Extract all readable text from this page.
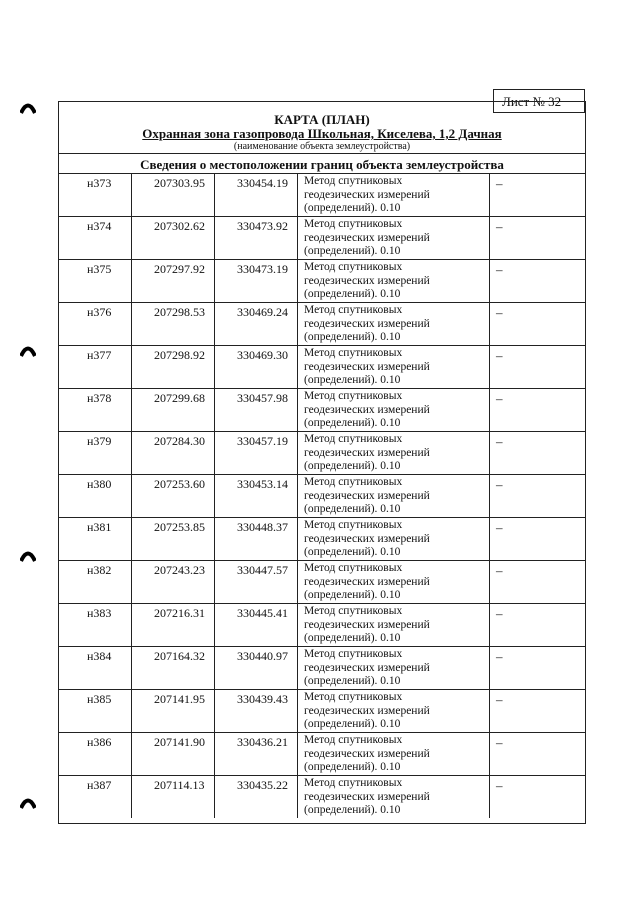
Лист № 32
КАРТА (ПЛАН)
Охранная зона газопровода Школьная, Киселева, 1,2 Дачная
(наименование объекта землеустройства)
Сведения о местоположении границ объекта землеустройства
н373	207303.95	330454.19 Метод спутниковых
геодезических измерений
(определений). 0.10
–
н374	207302.62	330473.92 Метод спутниковых
геодезических измерений
(определений). 0.10
–
н375	207297.92	330473.19 Метод спутниковых
геодезических измерений
(определений). 0.10
–
н376	207298.53	330469.24 Метод спутниковых
геодезических измерений
(определений). 0.10
–
н377	207298.92	330469.30 Метод спутниковых
геодезических измерений
(определений). 0.10
–
н378	207299.68	330457.98 Метод спутниковых
геодезических измерений
(определений). 0.10
–
н379	207284.30	330457.19 Метод спутниковых
геодезических измерений
(определений). 0.10
–
н380	207253.60	330453.14 Метод спутниковых
геодезических измерений
(определений). 0.10
–
н381	207253.85	330448.37 Метод спутниковых
геодезических измерений
(определений). 0.10
–
н382	207243.23	330447.57 Метод спутниковых
геодезических измерений
(определений). 0.10
–
н383	207216.31	330445.41 Метод спутниковых
геодезических измерений
(определений). 0.10
–
н384	207164.32	330440.97 Метод спутниковых
геодезических измерений
(определений). 0.10
–
н385	207141.95	330439.43 Метод спутниковых
геодезических измерений
(определений). 0.10
–
н386	207141.90	330436.21 Метод спутниковых
геодезических измерений
(определений). 0.10
–
н387	207114.13	330435.22 Метод спутниковых
геодезических измерений
(определений). 0.10
–
